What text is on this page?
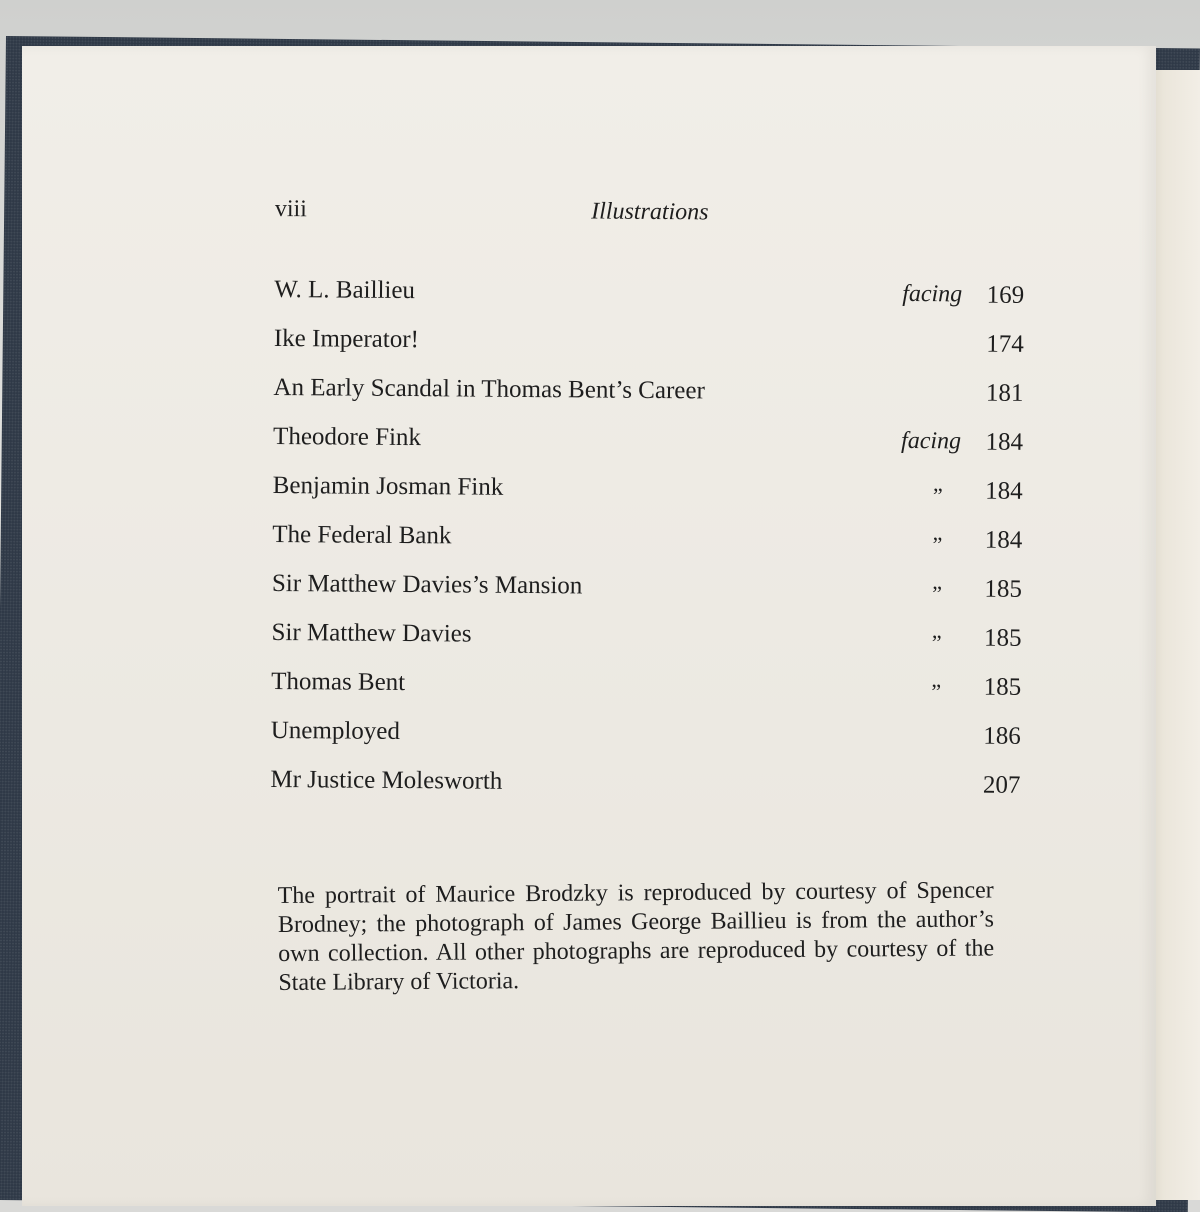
viii	Illustrations
W. L. Baillieu	facing 169
Ike Imperator!	174
An Early Scandal in Thomas Bent’s Career	181
Theodore Fink	facing 184
Benjamin Josman Fink	” 184
The Federal Bank	” 184
Sir Matthew Davies’s Mansion	” 185
Sir Matthew Davies	” 185
Thomas Bent	” 185
Unemployed	186
Mr Justice Molesworth	207

The portrait of Maurice Brodzky is reproduced by courtesy of Spencer Brodney; the photograph of James George Baillieu is from the author’s own collection. All other photographs are reproduced by courtesy of the State Library of Victoria.
